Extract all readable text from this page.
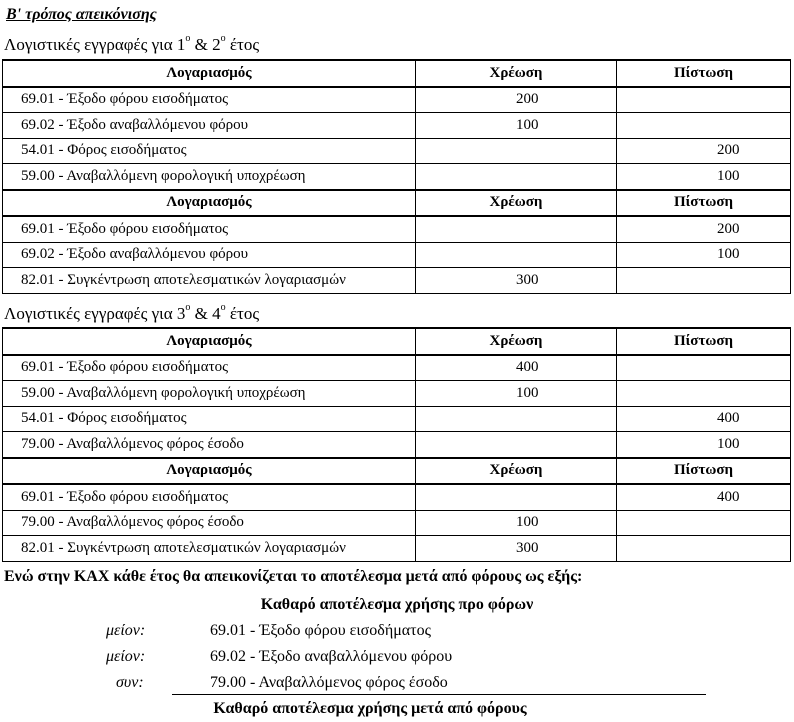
B' τρόπος απεικόνισης
Λογιστικές εγγραφές για $1^o$ & $2^o$ έτος
Λογαριασμός	Χρέωση	Πίστωση
69.01 - Έξοδο φόρου εισοδήματος	200	
69.02 - Έξοδο αναβαλλόμενου φόρου	100	
54.01 - Φόρος εισοδήματος		200
59.00 - Αναβαλλόμενη φορολογική υποχρέωση		100
Λογαριασμός	Χρέωση	Πίστωση
69.01 - Έξοδο φόρου εισοδήματος		200
69.02 - Έξοδο αναβαλλόμενου φόρου		100
82.01 - Συγκέντρωση αποτελεσματικών λογαριασμών	300	
Λογιστικές εγγραφές για $3^o$ & $4^o$ έτος
Λογαριασμός	Χρέωση	Πίστωση
69.01 - Έξοδο φόρου εισοδήματος	400	
59.00 - Αναβαλλόμενη φορολογική υποχρέωση	100	
54.01 - Φόρος εισοδήματος		400
79.00 - Αναβαλλόμενος φόρος έσοδο		100
Λογαριασμός	Χρέωση	Πίστωση
69.01 - Έξοδο φόρου εισοδήματος		400
79.00 - Αναβαλλόμενος φόρος έσοδο	100	
82.01 - Συγκέντρωση αποτελεσματικών λογαριασμών	300	
Ενώ στην ΚΑΧ κάθε έτος θα απεικονίζεται το αποτέλεσμα μετά από φόρους ως εξής:
Καθαρό αποτέλεσμα χρήσης προ φόρων
μείον:	69.01 - Έξοδο φόρου εισοδήματος
μείον:	69.02 - Έξοδο αναβαλλόμενου φόρου
συν:	79.00 - Αναβαλλόμενος φόρος έσοδο
Καθαρό αποτέλεσμα χρήσης μετά από φόρους
